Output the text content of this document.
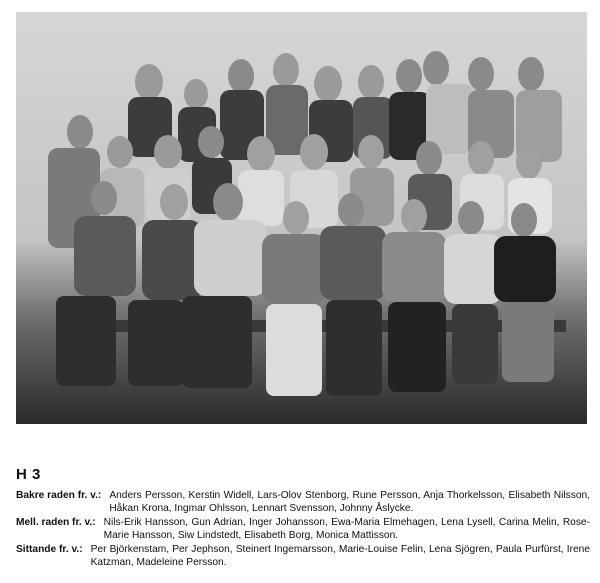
H 3
Bakre raden fr. v.: Anders Persson, Kerstin Widell, Lars-Olov Stenborg, Rune Persson, Anja Thorkelsson, Elisabeth Nilsson, Håkan Krona, Ingmar Ohlsson, Lennart Svensson, Johnny Åslycke.
Mell. raden fr. v.: Nils-Erik Hansson, Gun Adrian, Inger Johansson, Ewa-Maria Elmehagen, Lena Lysell, Carina Melin, Rose-Marie Hansson, Siw Lindstedt, Elisabeth Borg, Monica Mattisson.
Sittande fr. v.: Per Björkenstam, Per Jephson, Steinert Ingemarsson, Marie-Louise Felin, Lena Sjögren, Paula Purfürst, Irene Katzman, Madeleine Persson.
